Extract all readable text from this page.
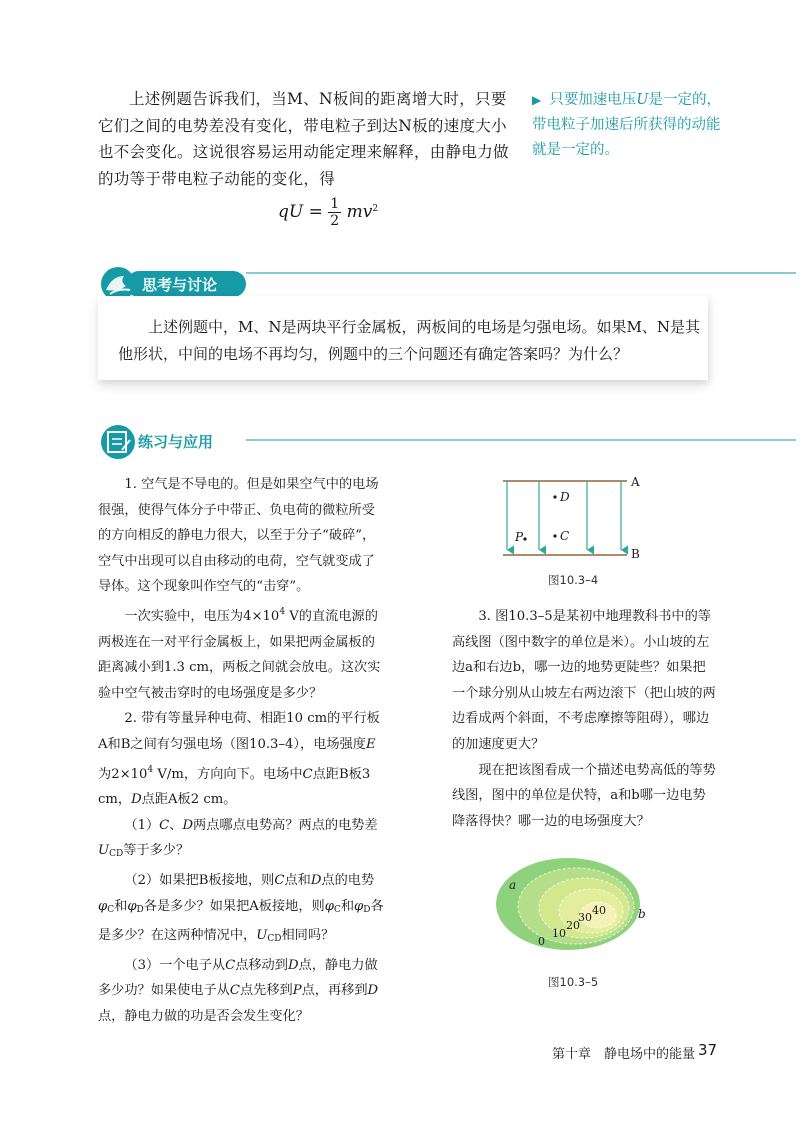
上述例题告诉我们，当M、N板间的距离增大时，只要它们之间的电势差没有变化，带电粒子到达N板的速度大小也不会变化。这说很容易运用动能定理来解释，由静电力做的功等于带电粒子动能的变化，得

qU = $\frac{1}{2} mv^2$
▶ 只要加速电压U是一定的，带电粒子加速后所获得的动能就是一定的。
思考与讨论

上述例题中，M、N是两块平行金属板，两板间的电场是匀强电场。如果M、N是其他形状，中间的电场不再均匀，例题中的三个问题还有确定答案吗？为什么？

练习与应用

1. 空气是不导电的。但是如果空气中的电场很强，使得气体分子中带正、负电荷的微粒所受的方向相反的静电力很大，以至于分子“破碎”，空气中出现可以自由移动的电荷，空气就变成了导体。这个现象叫作空气的“击穿”。

一次实验中，电压为$4\times 10^4$ V的直流电源的两极连在一对平行金属板上，如果把两金属板的距离减小到1.3 cm，两板之间就会放电。这次实验中空气被击穿时的电场强度是多少？

2. 带有等量异种电荷、相距10 cm的平行板A和B之间有匀强电场（图10.3–4），电场强度E为$2\times 10^4$ V/m，方向向下。电场中C点距B板3 cm，D点距A板2 cm。

（1）C、D两点哪点电势高？两点的电势差$U_{CD}$等于多少？

（2）如果把B板接地，则C点和D点的电势$\varphi_C$和$\varphi_D$各是多少？如果把A板接地，则$\varphi_C$和$\varphi_D$各是多少？在这两种情况中，$U_{CD}$相同吗？

（3）一个电子从C点移动到D点，静电力做多少功？如果使电子从C点先移到P点，再移到D点，静电力做的功是否会发生变化？

A
B
D
C
P
图10.3–4

3. 图10.3–5是某初中地理教科书中的等高线图（图中数字的单位是米）。小山坡的左边a和右边b，哪一边的地势更陡些？如果把一个球分别从山坡左右两边滚下（把山坡的两边看成两个斜面，不考虑摩擦等阻碍），哪边的加速度更大？

现在把该图看成一个描述电势高低的等势线图，图中的单位是伏特，a和b哪一边电势降落得快？哪一边的电场强度大？

a
b
0
10
20
30
40
图10.3–5
第十章　静电场中的能量 37
